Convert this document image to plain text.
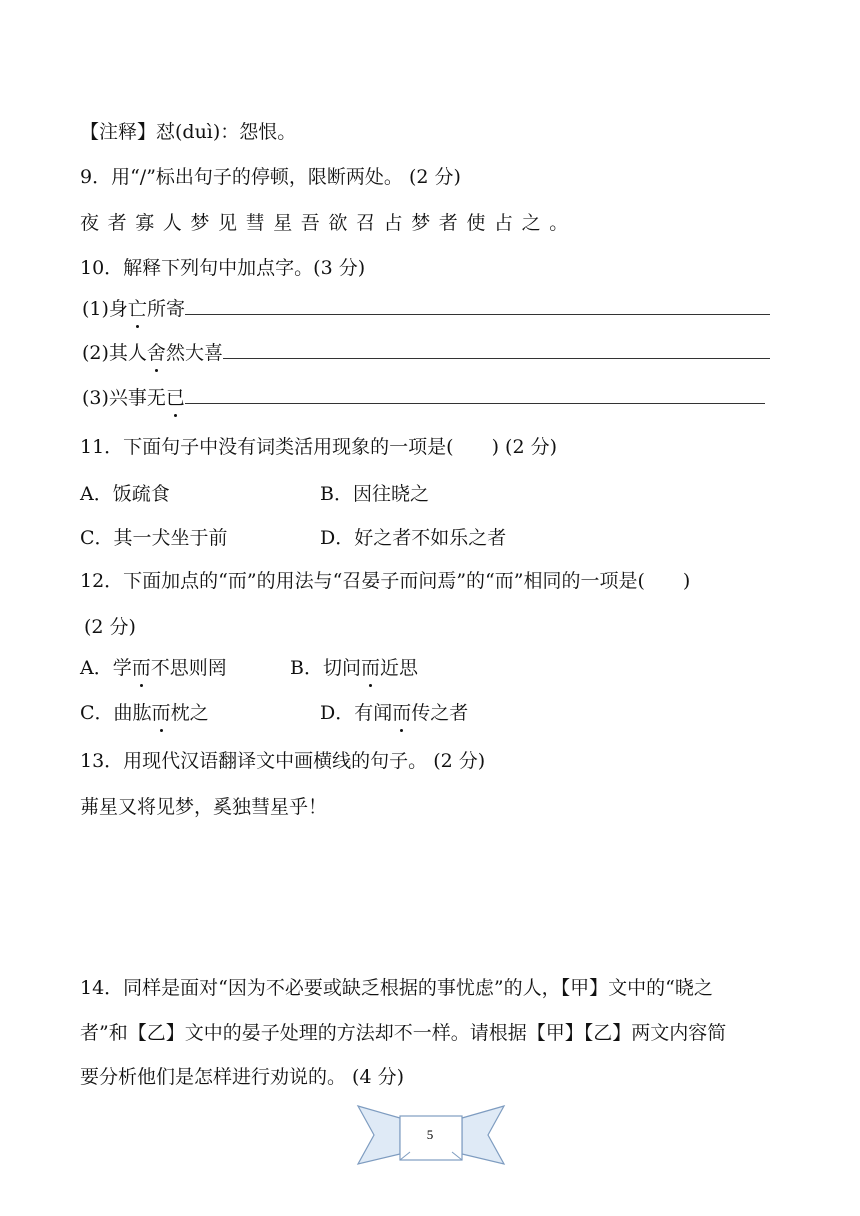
【注释】怼(duì)：怨恨。
9．用“/”标出句子的停顿，限断两处。 (2 分)
夜者寡人梦见彗星吾欲召占梦者使占之。
10．解释下列句中加点字。(3 分)
(1)身亡所寄
(2)其人舍然大喜
(3)兴事无已
11．下面句子中没有词类活用现象的一项是(　　) (2 分)
A．饭疏食	B．因往晓之
C．其一犬坐于前	D．好之者不如乐之者
12．下面加点的“而”的用法与“召晏子而问焉”的“而”相同的一项是(　　)
(2 分)
A．学而不思则罔	B．切问而近思
C．曲肱而枕之	D．有闻而传之者
13．用现代汉语翻译文中画横线的句子。 (2 分)
茀星又将见梦，奚独彗星乎！
14．同样是面对“因为不必要或缺乏根据的事忧虑”的人，【甲】文中的“晓之
者”和【乙】文中的晏子处理的方法却不一样。请根据【甲】【乙】两文内容简
要分析他们是怎样进行劝说的。 (4 分)
5
